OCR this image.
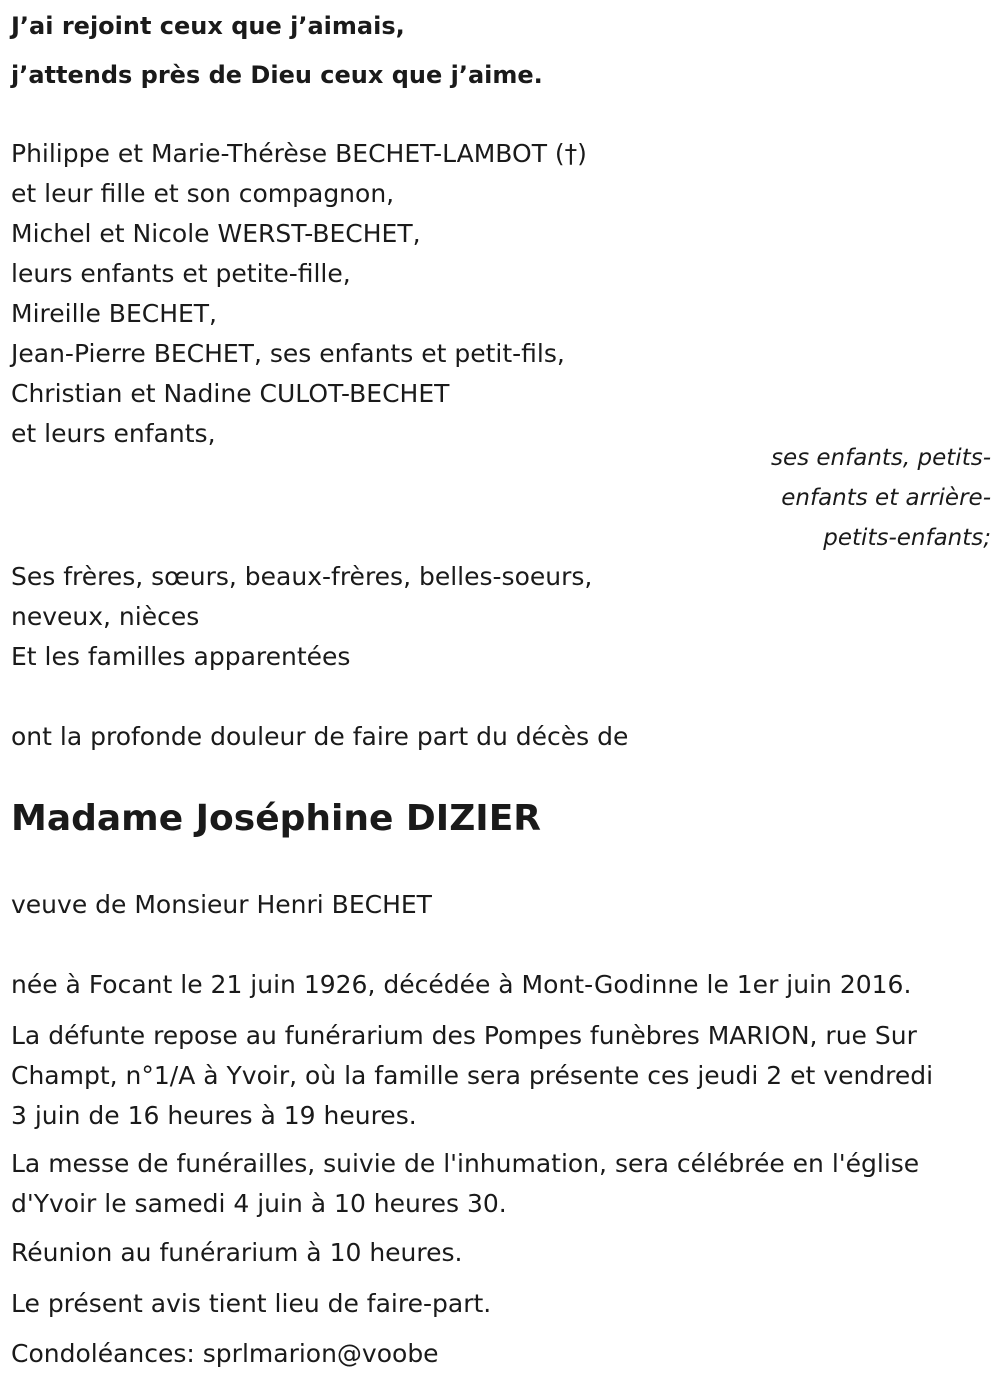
J’ai rejoint ceux que j’aimais,
j’attends près de Dieu ceux que j’aime.
Philippe et Marie-Thérèse BECHET-LAMBOT (†)
et leur fille et son compagnon,
Michel et Nicole WERST-BECHET,
leurs enfants et petite-fille,
Mireille BECHET,
Jean-Pierre BECHET, ses enfants et petit-fils,
Christian et Nadine CULOT-BECHET
et leurs enfants,
ses enfants, petits-
enfants et arrière-
petits-enfants;
Ses frères, sœurs, beaux-frères, belles-soeurs,
neveux, nièces
Et les familles apparentées
ont la profonde douleur de faire part du décès de
Madame Joséphine DIZIER
veuve de Monsieur Henri BECHET
née à Focant le 21 juin 1926, décédée à Mont-Godinne le 1er juin 2016.
La défunte repose au funérarium des Pompes funèbres MARION, rue Sur
Champt, n°1/A à Yvoir, où la famille sera présente ces jeudi 2 et vendredi
3 juin de 16 heures à 19 heures.
La messe de funérailles, suivie de l'inhumation, sera célébrée en l'église
d'Yvoir le samedi 4 juin à 10 heures 30.
Réunion au funérarium à 10 heures.
Le présent avis tient lieu de faire-part.
Condoléances: sprlmarion@voobe
